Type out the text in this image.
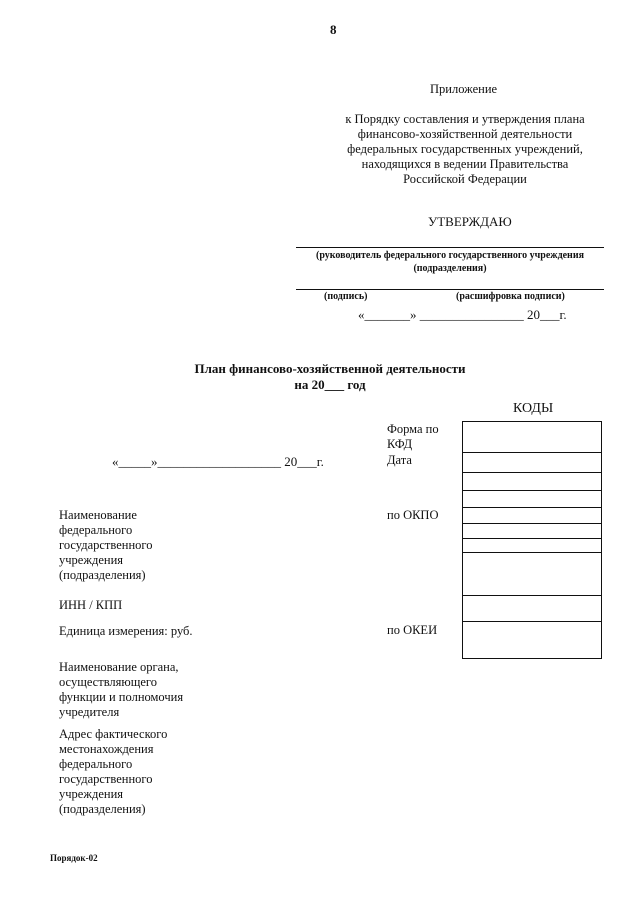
8
Приложение
к Порядку составления и утверждения плана
финансово-хозяйственной деятельности
федеральных государственных учреждений,
находящихся в ведении Правительства
Российской Федерации
УТВЕРЖДАЮ
(руководитель федерального государственного учреждения
(подразделения)
(подпись)	(расшифровка подписи)
«_______» ________________ 20___г.
План финансово-хозяйственной деятельности
на 20___ год
КОДЫ
Форма по
КФД
Дата
по ОКПО
по ОКЕИ
«_____»___________________ 20___г.
Наименование
федерального
государственного
учреждения
(подразделения)
ИНН / КПП
Единица измерения: руб.
Наименование органа,
осуществляющего
функции и полномочия
учредителя
Адрес фактического
местонахождения
федерального
государственного
учреждения
(подразделения)
Порядок-02
